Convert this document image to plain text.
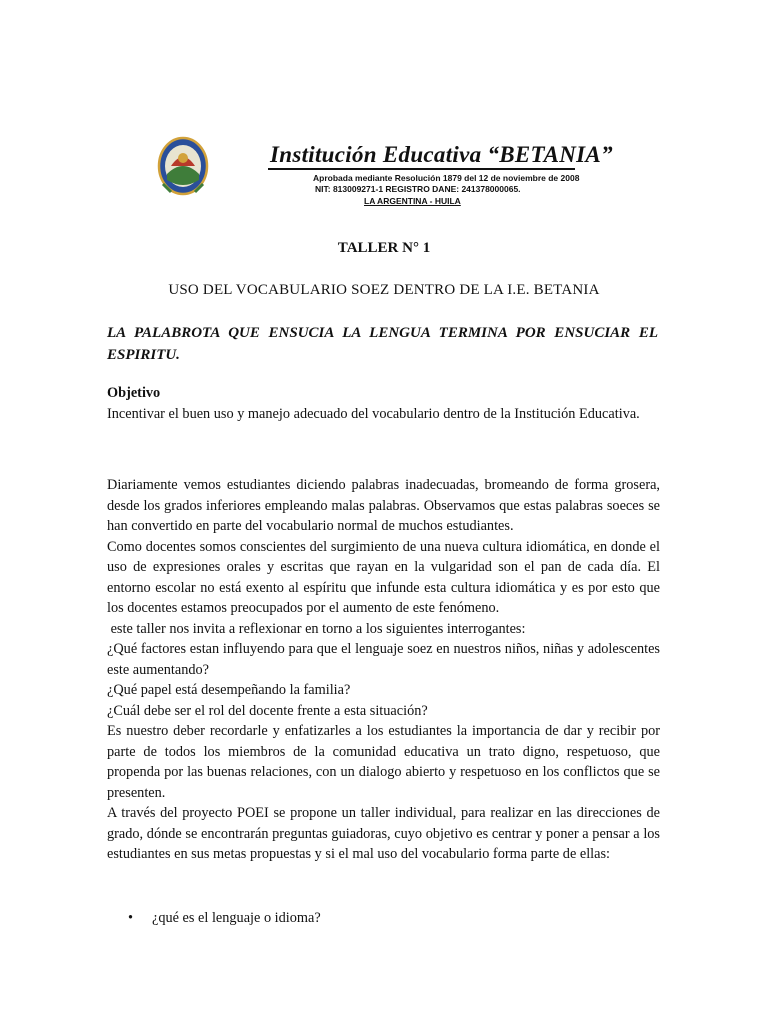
Institución Educativa “BETANIA”
Aprobada mediante Resolución 1879 del 12 de noviembre de 2008
NIT: 813009271-1 REGISTRO DANE: 241378000065.
LA ARGENTINA - HUILA
TALLER N° 1
USO DEL VOCABULARIO SOEZ DENTRO DE LA I.E. BETANIA
LA PALABROTA QUE ENSUCIA LA LENGUA TERMINA POR ENSUCIAR EL ESPIRITU.
Objetivo
Incentivar el buen uso y manejo adecuado del vocabulario dentro de la Institución Educativa.

Diariamente vemos estudiantes diciendo palabras inadecuadas, bromeando de forma grosera, desde los grados inferiores empleando malas palabras. Observamos que estas palabras soeces se han convertido en parte del vocabulario normal de muchos estudiantes.

Como docentes somos conscientes del surgimiento de una nueva cultura idiomática, en donde el uso de expresiones orales y escritas que rayan en la vulgaridad son el pan de cada día. El entorno escolar no está exento al espíritu que infunde esta cultura idiomática y es por esto que los docentes estamos preocupados por el aumento de este fenómeno.

este taller nos invita a reflexionar en torno a los siguientes interrogantes:

¿Qué factores estan influyendo para que el lenguaje soez en nuestros niños, niñas y adolescentes este aumentando?

¿Qué papel está desempeñando la familia?

¿Cuál debe ser el rol del docente frente a esta situación?

Es nuestro deber recordarle y enfatizarles a los estudiantes la importancia de dar y recibir por parte de todos los miembros de la comunidad educativa un trato digno, respetuoso, que propenda por las buenas relaciones, con un dialogo abierto y respetuoso en los conflictos que se presenten.

A través del proyecto POEI se propone un taller individual, para realizar en las direcciones de grado, dónde se encontrarán preguntas guiadoras, cuyo objetivo es centrar y poner a pensar a los estudiantes en sus metas propuestas y si el mal uso del vocabulario forma parte de ellas:

• ¿qué es el lenguaje o idioma?
